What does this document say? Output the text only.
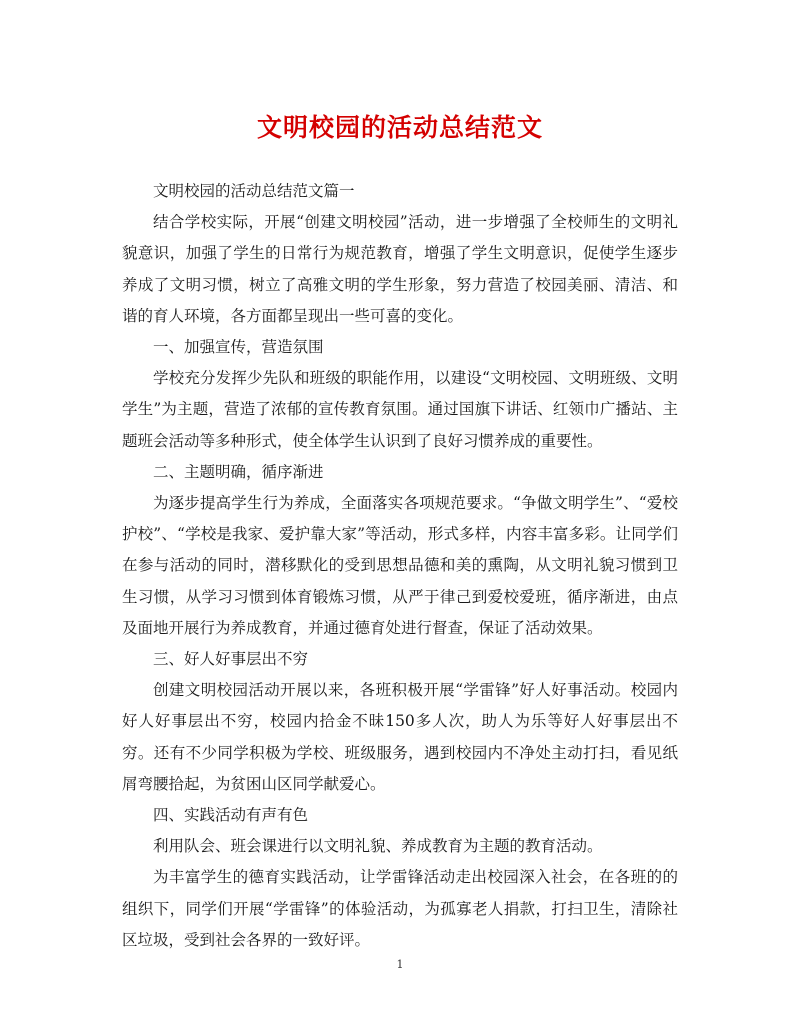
文明校园的活动总结范文

文明校园的活动总结范文篇一

结合学校实际，开展“创建文明校园”活动，进一步增强了全校师生的文明礼貌意识，加强了学生的日常行为规范教育，增强了学生文明意识，促使学生逐步养成了文明习惯，树立了高雅文明的学生形象，努力营造了校园美丽、清洁、和谐的育人环境，各方面都呈现出一些可喜的变化。

一、加强宣传，营造氛围

学校充分发挥少先队和班级的职能作用，以建设“文明校园、文明班级、文明学生”为主题，营造了浓郁的宣传教育氛围。通过国旗下讲话、红领巾广播站、主题班会活动等多种形式，使全体学生认识到了良好习惯养成的重要性。

二、主题明确，循序渐进

为逐步提高学生行为养成，全面落实各项规范要求。“争做文明学生”、“爱校护校”、“学校是我家、爱护靠大家”等活动，形式多样，内容丰富多彩。让同学们在参与活动的同时，潜移默化的受到思想品德和美的熏陶，从文明礼貌习惯到卫生习惯，从学习习惯到体育锻炼习惯，从严于律己到爱校爱班，循序渐进，由点及面地开展行为养成教育，并通过德育处进行督查，保证了活动效果。

三、好人好事层出不穷

创建文明校园活动开展以来，各班积极开展“学雷锋”好人好事活动。校园内好人好事层出不穷，校园内拾金不昧150多人次，助人为乐等好人好事层出不穷。还有不少同学积极为学校、班级服务，遇到校园内不净处主动打扫，看见纸屑弯腰拾起，为贫困山区同学献爱心。

四、实践活动有声有色

利用队会、班会课进行以文明礼貌、养成教育为主题的教育活动。

为丰富学生的德育实践活动，让学雷锋活动走出校园深入社会，在各班的的组织下，同学们开展“学雷锋”的体验活动，为孤寡老人捐款，打扫卫生，清除社区垃圾，受到社会各界的一致好评。

1
